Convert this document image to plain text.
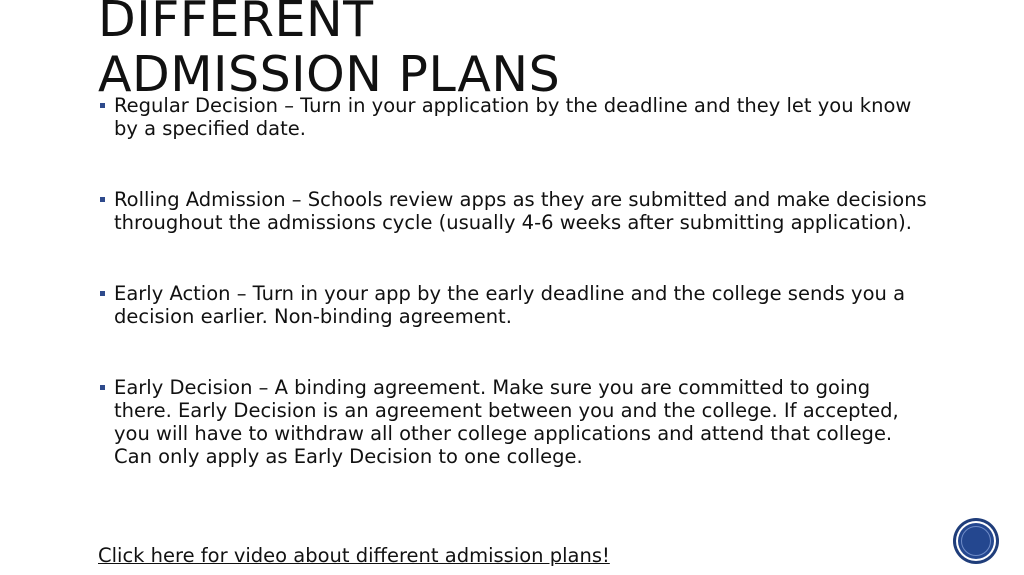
DIFFERENT
ADMISSION PLANS
Regular Decision – Turn in your application by the deadline and they let you know by a specified date.
Rolling Admission – Schools review apps as they are submitted and make decisions throughout the admissions cycle (usually 4-6 weeks after submitting application).
Early Action – Turn in your app by the early deadline and the college sends you a decision earlier. Non-binding agreement.
Early Decision – A binding agreement. Make sure you are committed to going there. Early Decision is an agreement between you and the college. If accepted, you will have to withdraw all other college applications and attend that college. Can only apply as Early Decision to one college.
Click here for video about different admission plans!
